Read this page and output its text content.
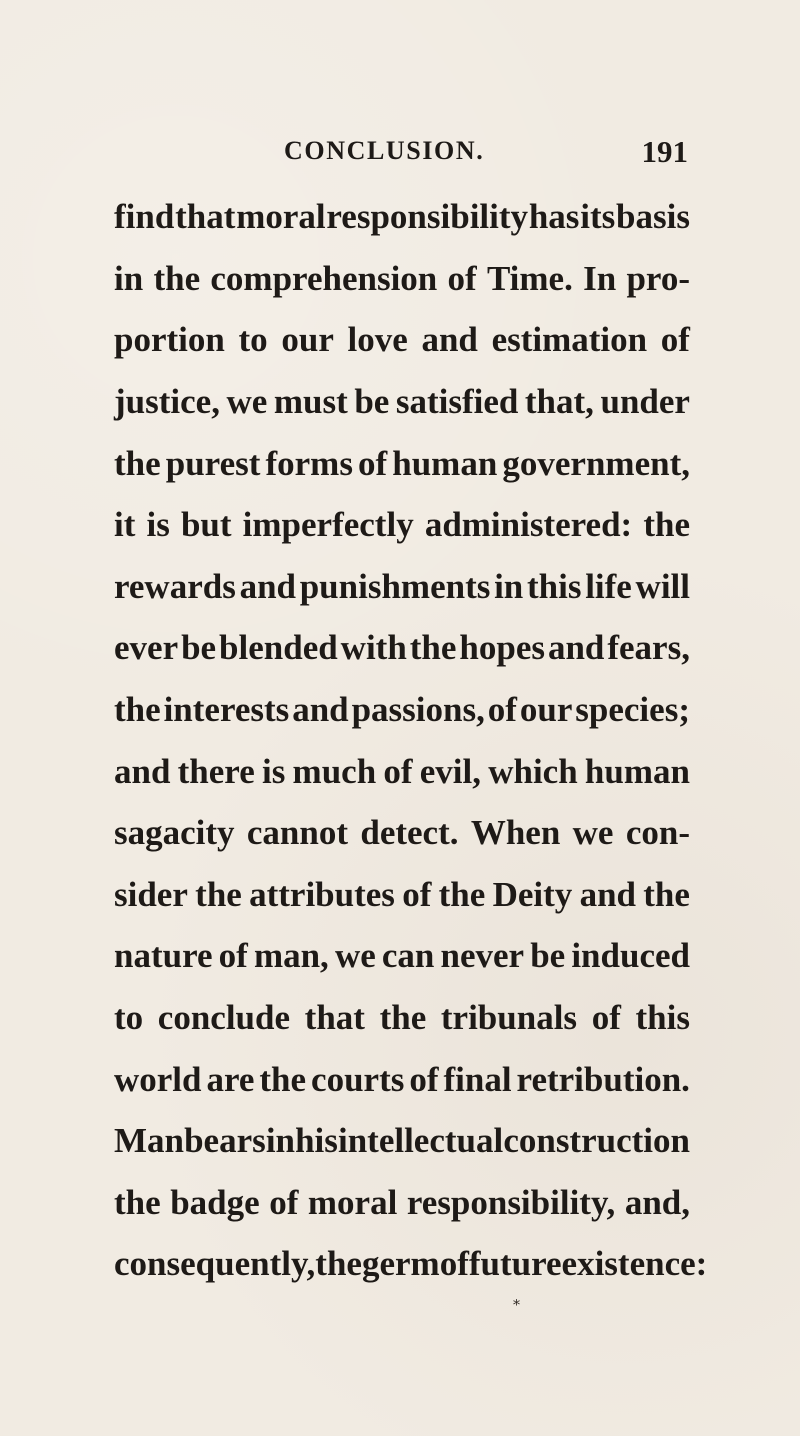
CONCLUSION.	191
find that moral responsibility has its basis
in the comprehension of Time. In pro-
portion to our love and estimation of
justice, we must be satisfied that, under
the purest forms of human government,
it is but imperfectly administered: the
rewards and punishments in this life will
ever be blended with the hopes and fears,
the interests and passions, of our species;
and there is much of evil, which human
sagacity cannot detect. When we con-
sider the attributes of the Deity and the
nature of man, we can never be induced
to conclude that the tribunals of this
world are the courts of final retribution.
Man bears in his intellectual construction
the badge of moral responsibility, and,
consequently, the germ of future existence:
⁎
